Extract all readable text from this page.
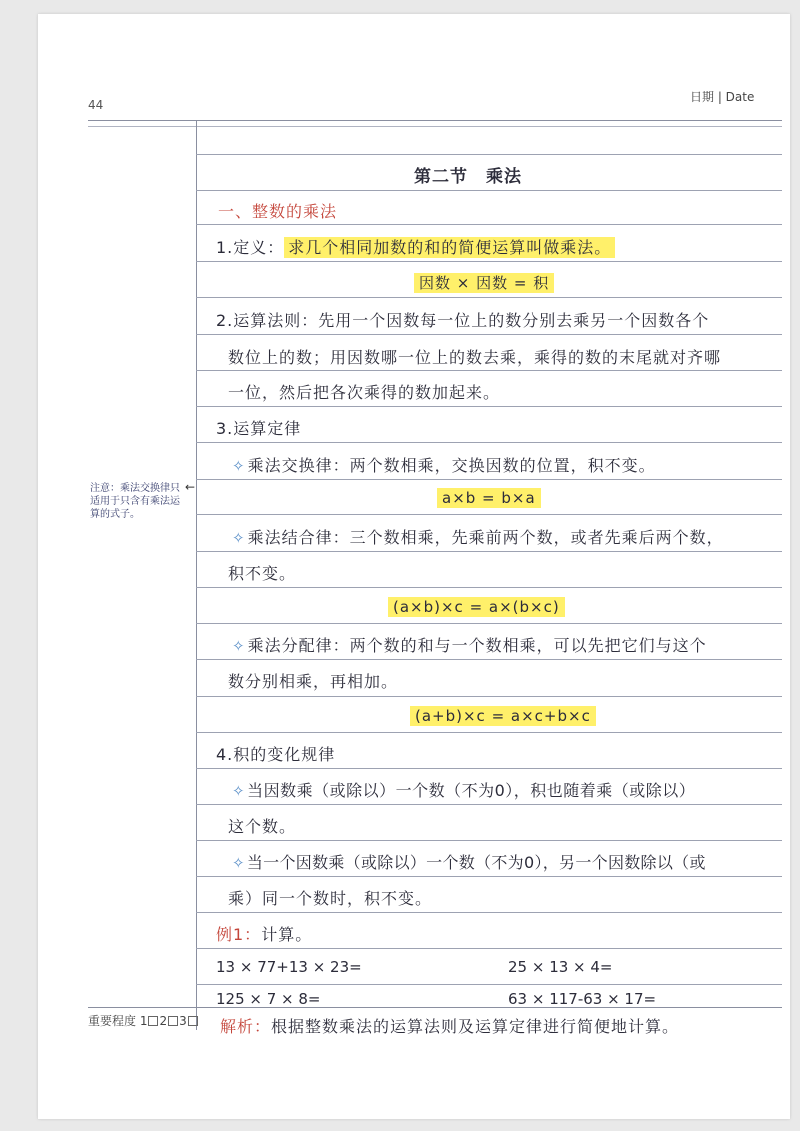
44
日期 | Date
第二节　乘法
一、整数的乘法
1.定义： 求几个相同加数的和的简便运算叫做乘法。
因数 × 因数 = 积
2.运算法则：先用一个因数每一位上的数分别去乘另一个因数各个
数位上的数；用因数哪一位上的数去乘，乘得的数的末尾就对齐哪
一位，然后把各次乘得的数加起来。
3.运算定律
✧ 乘法交换律：两个数相乘，交换因数的位置，积不变。
a×b = b×a
✧ 乘法结合律：三个数相乘，先乘前两个数，或者先乘后两个数，
积不变。
(a×b)×c = a×(b×c)
✧ 乘法分配律：两个数的和与一个数相乘，可以先把它们与这个
数分别相乘，再相加。
(a+b)×c = a×c+b×c
4.积的变化规律
✧ 当因数乘（或除以）一个数（不为0），积也随着乘（或除以）
这个数。
✧ 当一个因数乘（或除以）一个数（不为0），另一个因数除以（或
乘）同一个数时，积不变。
例1：计算。
13 × 77+13 × 23=	25 × 13 × 4=
125 × 7 × 8=	63 × 117-63 × 17=
解析：根据整数乘法的运算法则及运算定律进行简便地计算。
注意：乘法交换律只适用于只含有乘法运算的式子。
←
重要程度 1 2 3
